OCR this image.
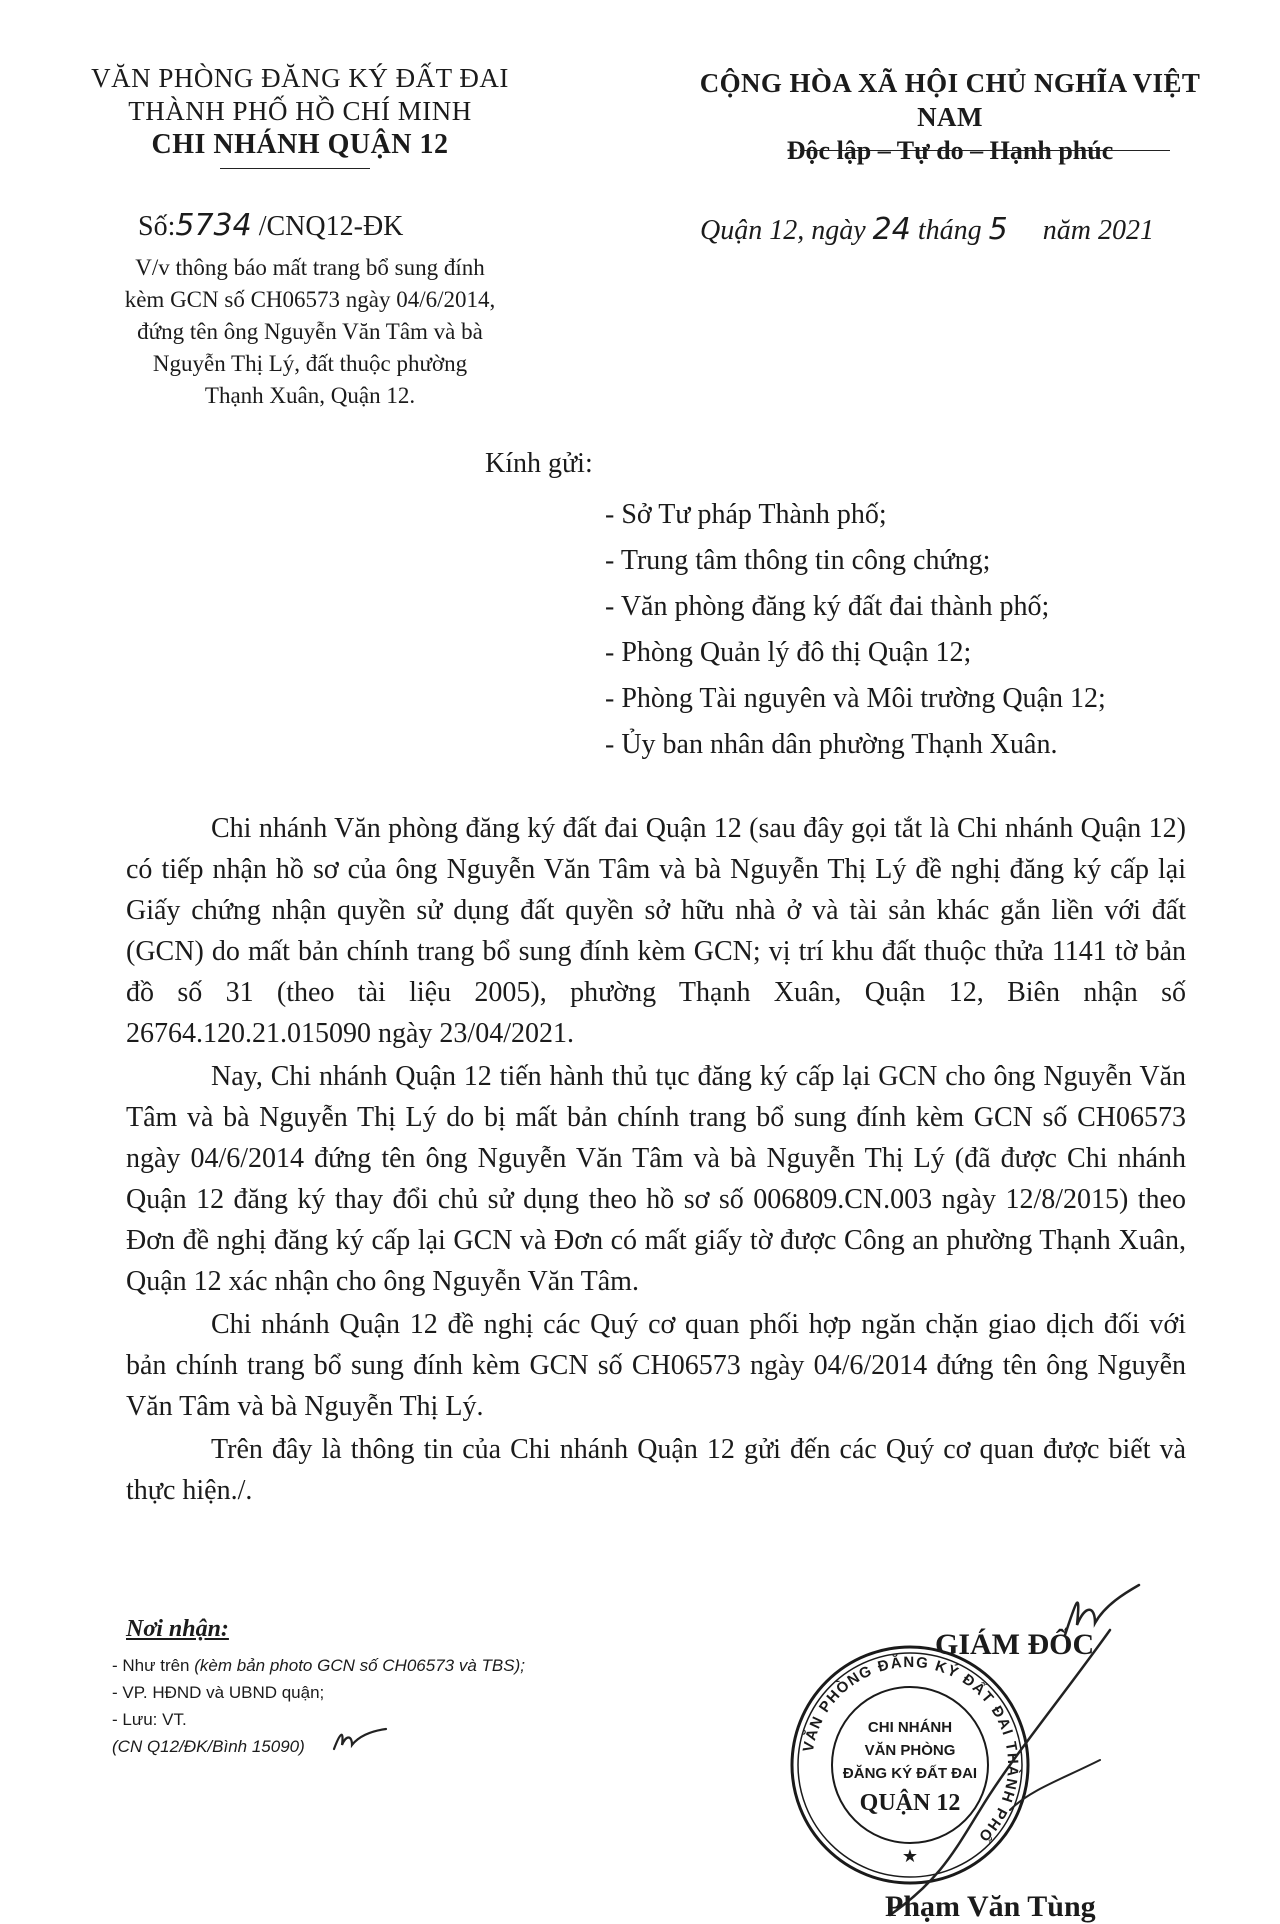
VĂN PHÒNG ĐĂNG KÝ ĐẤT ĐAI
THÀNH PHỐ HỒ CHÍ MINH
CHI NHÁNH QUẬN 12
CỘNG HÒA XÃ HỘI CHỦ NGHĨA VIỆT NAM
Độc lập – Tự do – Hạnh phúc
Số:5734 /CNQ12-ĐK	Quận 12, ngày 24 tháng 5 năm 2021
V/v thông báo mất trang bổ sung đính
kèm GCN số CH06573 ngày 04/6/2014,
đứng tên ông Nguyễn Văn Tâm và bà
Nguyễn Thị Lý, đất thuộc phường
Thạnh Xuân, Quận 12.
Kính gửi:
- Sở Tư pháp Thành phố;
- Trung tâm thông tin công chứng;
- Văn phòng đăng ký đất đai thành phố;
- Phòng Quản lý đô thị Quận 12;
- Phòng Tài nguyên và Môi trường Quận 12;
- Ủy ban nhân dân phường Thạnh Xuân.

Chi nhánh Văn phòng đăng ký đất đai Quận 12 (sau đây gọi tắt là Chi nhánh Quận 12) có tiếp nhận hồ sơ của ông Nguyễn Văn Tâm và bà Nguyễn Thị Lý đề nghị đăng ký cấp lại Giấy chứng nhận quyền sử dụng đất quyền sở hữu nhà ở và tài sản khác gắn liền với đất (GCN) do mất bản chính trang bổ sung đính kèm GCN; vị trí khu đất thuộc thửa 1141 tờ bản đồ số 31 (theo tài liệu 2005), phường Thạnh Xuân, Quận 12, Biên nhận số 26764.120.21.015090 ngày 23/04/2021.

Nay, Chi nhánh Quận 12 tiến hành thủ tục đăng ký cấp lại GCN cho ông Nguyễn Văn Tâm và bà Nguyễn Thị Lý do bị mất bản chính trang bổ sung đính kèm GCN số CH06573 ngày 04/6/2014 đứng tên ông Nguyễn Văn Tâm và bà Nguyễn Thị Lý (đã được Chi nhánh Quận 12 đăng ký thay đổi chủ sử dụng theo hồ sơ số 006809.CN.003 ngày 12/8/2015) theo Đơn đề nghị đăng ký cấp lại GCN và Đơn có mất giấy tờ được Công an phường Thạnh Xuân, Quận 12 xác nhận cho ông Nguyễn Văn Tâm.

Chi nhánh Quận 12 đề nghị các Quý cơ quan phối hợp ngăn chặn giao dịch đối với bản chính trang bổ sung đính kèm GCN số CH06573 ngày 04/6/2014 đứng tên ông Nguyễn Văn Tâm và bà Nguyễn Thị Lý.

Trên đây là thông tin của Chi nhánh Quận 12 gửi đến các Quý cơ quan được biết và thực hiện./.

Nơi nhận:
- Như trên (kèm bản photo GCN số CH06573 và TBS);
- VP. HĐND và UBND quận;
- Lưu: VT.
(CN Q12/ĐK/Bình 15090)	VĂN PHÒNG ĐĂNG KÝ ĐẤT ĐAI THÀNH PHỐ
CHI NHÁNH
VĂN PHÒNG
ĐĂNG KÝ ĐẤT ĐAI
QUẬN 12
★
GIÁM ĐỐC
Phạm Văn Tùng
